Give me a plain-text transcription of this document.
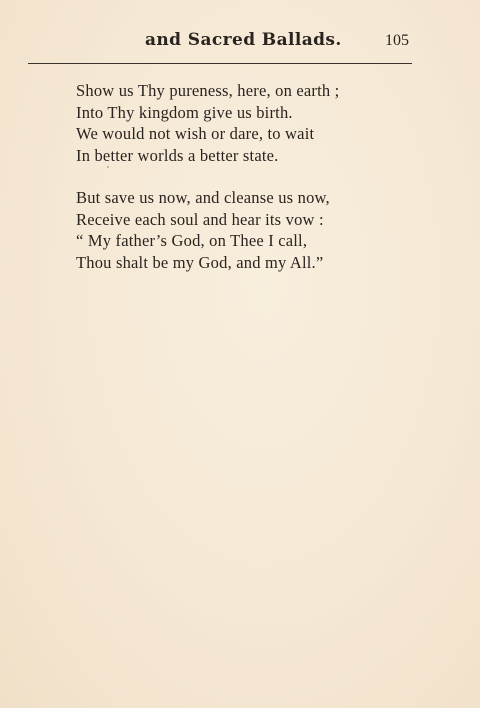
and Sacred Ballads.	105
Show us Thy pureness, here, on earth ;
Into Thy kingdom give us birth.
We would not wish or dare, to wait
In better worlds a better state.
But save us now, and cleanse us now,
Receive each soul and hear its vow :
“ My father’s God, on Thee I call,
Thou shalt be my God, and my All.”
